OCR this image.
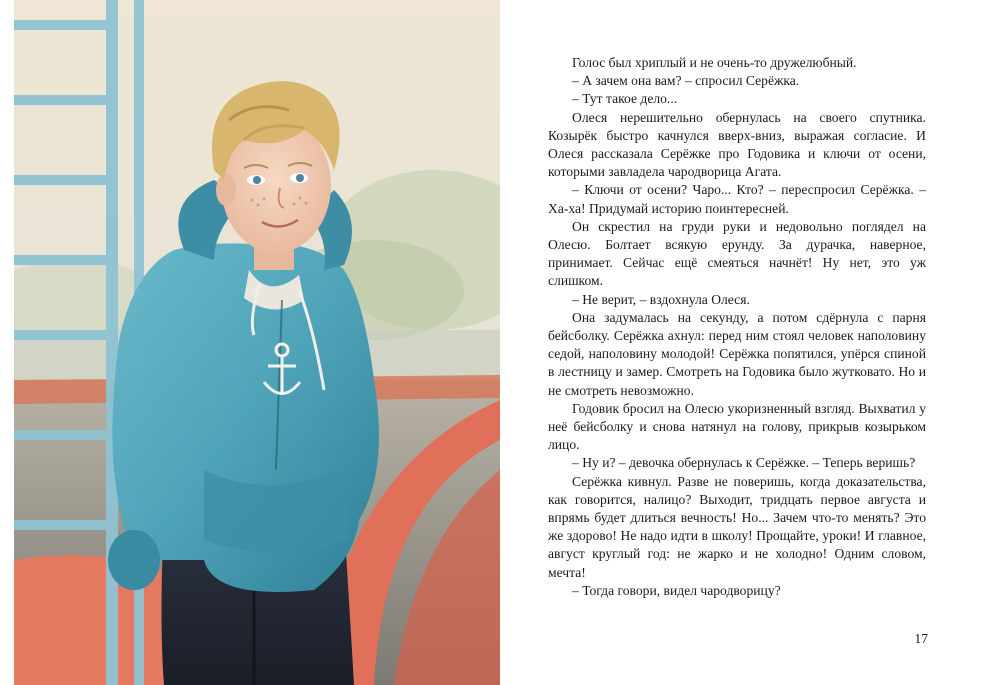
Голос был хриплый и не очень-то дружелюбный.

– А зачем она вам? – спросил Серёжка.

– Тут такое дело...

Олеся нерешительно обернулась на своего спутника. Козырёк быстро качнулся вверх-вниз, выражая согласие. И Олеся рассказала Серёжке про Годовика и ключи от осени, которыми завладела чародворица Агата.

– Ключи от осени? Чаро... Кто? – переспросил Серёжка. – Ха-ха! Придумай историю поинтересней.

Он скрестил на груди руки и недовольно поглядел на Олесю. Болтает всякую ерунду. За дурачка, наверное, принимает. Сейчас ещё смеяться начнёт! Ну нет, это уж слишком.

– Не верит, – вздохнула Олеся.

Она задумалась на секунду, а потом сдёрнула с парня бейсболку. Серёжка ахнул: перед ним стоял человек наполовину седой, наполовину молодой! Серёжка попятился, упёрся спиной в лестницу и замер. Смотреть на Годовика было жутковато. Но и не смотреть невозможно.

Годовик бросил на Олесю укоризненный взгляд. Выхватил у неё бейсболку и снова натянул на голову, прикрыв козырьком лицо.

– Ну и? – девочка обернулась к Серёжке. – Теперь веришь?

Серёжка кивнул. Разве не поверишь, когда доказательства, как говорится, налицо? Выходит, тридцать первое августа и впрямь будет длиться вечность! Но... Зачем что-то менять? Это же здорово! Не надо идти в школу! Прощайте, уроки! И главное, август круглый год: не жарко и не холодно! Одним словом, мечта!

– Тогда говори, видел чародворицу?

17
